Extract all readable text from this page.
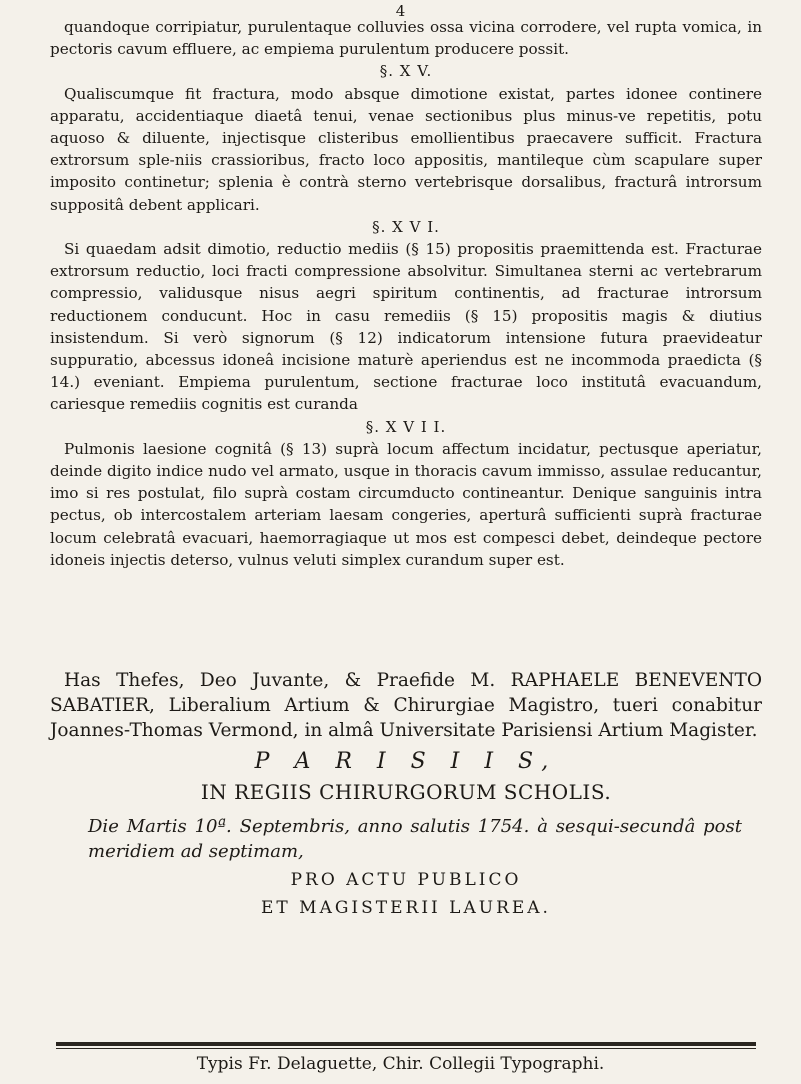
4

quandoque corripiatur, purulentaque colluvies ossa vicina corrodere, vel rupta vomica, in pectoris cavum effluere, ac empiema purulentum producere possit.

§. X V.

Qualiscumque fit fractura, modo absque dimotione existat, partes idonee continere apparatu, accidentiaque diaetâ tenui, venae sectionibus plus minus-ve repetitis, potu aquoso & diluente, injectisque clisteribus emollientibus praecavere sufficit. Fractura extrorsum sple-niis crassioribus, fracto loco appositis, mantileque cùm scapulare super imposito continetur; splenia è contrà sterno vertebrisque dorsalibus, fracturâ introrsum suppositâ debent applicari.

§. X V I.

Si quaedam adsit dimotio, reductio mediis (§ 15) propositis praemittenda est. Fracturae extrorsum reductio, loci fracti compressione absolvitur. Simultanea sterni ac vertebrarum compressio, validusque nisus aegri spiritum continentis, ad fracturae introrsum reductionem conducunt. Hoc in casu remediis (§ 15) propositis magis & diutius insistendum. Si verò signorum (§ 12) indicatorum intensione futura praevideatur suppuratio, abcessus idoneâ incisione maturè aperiendus est ne incommoda praedicta (§ 14.) eveniant. Empiema purulentum, sectione fracturae loco institutâ evacuandum, cariesque remediis cognitis est curanda

§. X V I I.

Pulmonis laesione cognitâ (§ 13) suprà locum affectum incidatur, pectusque aperiatur, deinde digito indice nudo vel armato, usque in thoracis cavum immisso, assulae reducantur, imo si res postulat, filo suprà costam circumducto contineantur. Denique sanguinis intra pectus, ob intercostalem arteriam laesam congeries, aperturâ sufficienti suprà fracturae locum celebratâ evacuari, haemorragiaque ut mos est compesci debet, deindeque pectore idoneis injectis deterso, vulnus veluti simplex curandum super est.

Has Thefes, Deo Juvante, & Praefide M. RAPHAELE BENEVENTO SABATIER, Liberalium Artium & Chirurgiae Magistro, tueri conabitur Joannes-Thomas Vermond, in almâ Universitate Parisiensi Artium Magister.

P A R I S I I S,
IN REGIIS CHIRURGORUM SCHOLIS.

Die Martis 10ª. Septembris, anno salutis 1754. à sesqui-secundâ post meridiem ad septimam,

PRO ACTU PUBLICO
ET MAGISTERII LAUREA.
Typis Fr. Delaguette, Chir. Collegii Typographi.
